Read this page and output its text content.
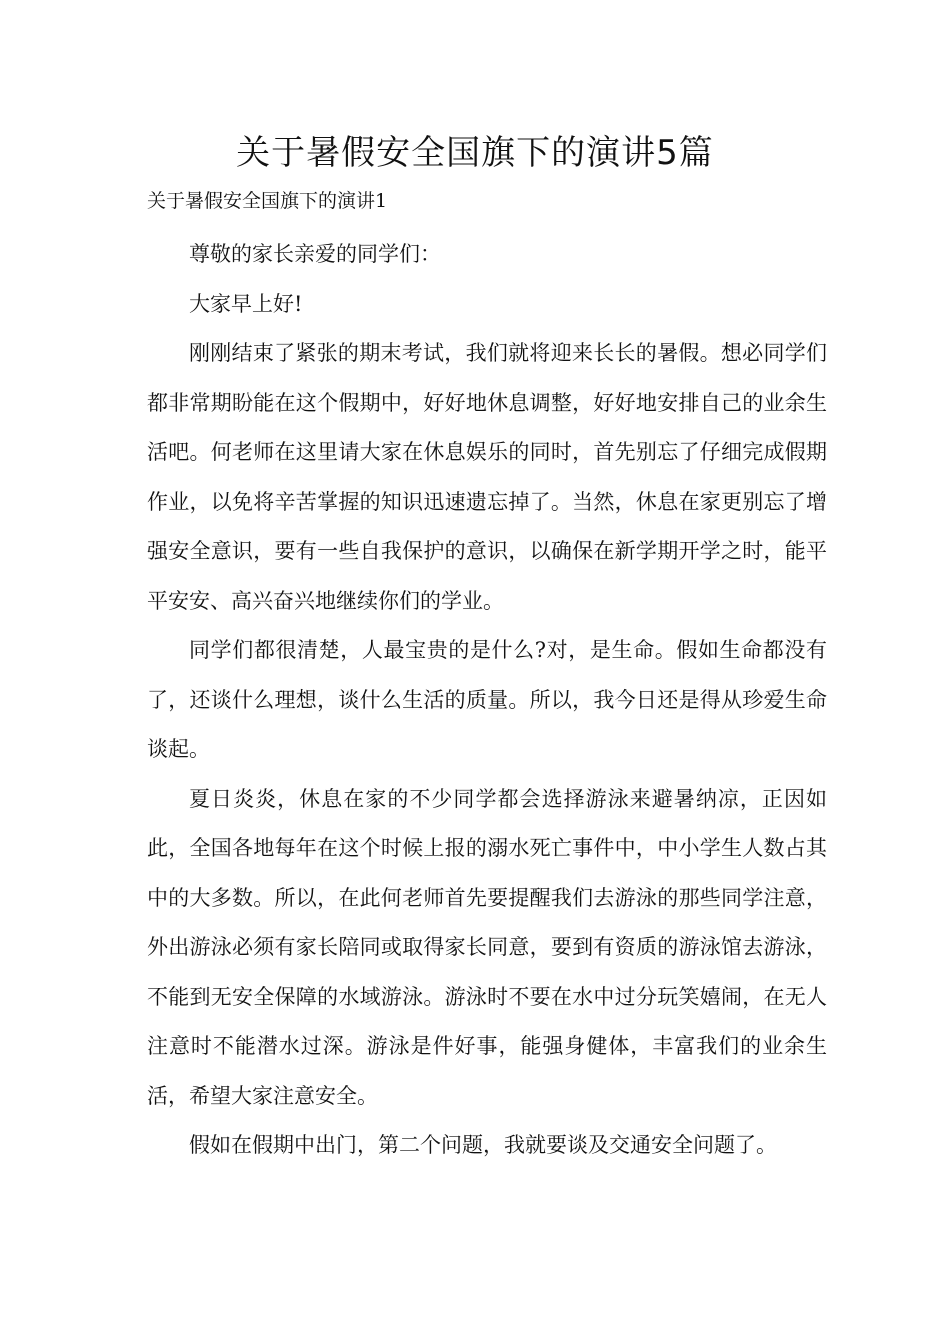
关于暑假安全国旗下的演讲5篇

关于暑假安全国旗下的演讲1

尊敬的家长亲爱的同学们：

大家早上好!

刚刚结束了紧张的期末考试，我们就将迎来长长的暑假。想必同学们都非常期盼能在这个假期中，好好地休息调整，好好地安排自己的业余生活吧。何老师在这里请大家在休息娱乐的同时，首先别忘了仔细完成假期作业，以免将辛苦掌握的知识迅速遗忘掉了。当然，休息在家更别忘了增强安全意识，要有一些自我保护的意识，以确保在新学期开学之时，能平平安安、高兴奋兴地继续你们的学业。

同学们都很清楚，人最宝贵的是什么?对，是生命。假如生命都没有了，还谈什么理想，谈什么生活的质量。所以，我今日还是得从珍爱生命谈起。

夏日炎炎，休息在家的不少同学都会选择游泳来避暑纳凉，正因如此，全国各地每年在这个时候上报的溺水死亡事件中，中小学生人数占其中的大多数。所以，在此何老师首先要提醒我们去游泳的那些同学注意，外出游泳必须有家长陪同或取得家长同意，要到有资质的游泳馆去游泳，不能到无安全保障的水域游泳。游泳时不要在水中过分玩笑嬉闹，在无人注意时不能潜水过深。游泳是件好事，能强身健体，丰富我们的业余生活，希望大家注意安全。

假如在假期中出门，第二个问题，我就要谈及交通安全问题了。
